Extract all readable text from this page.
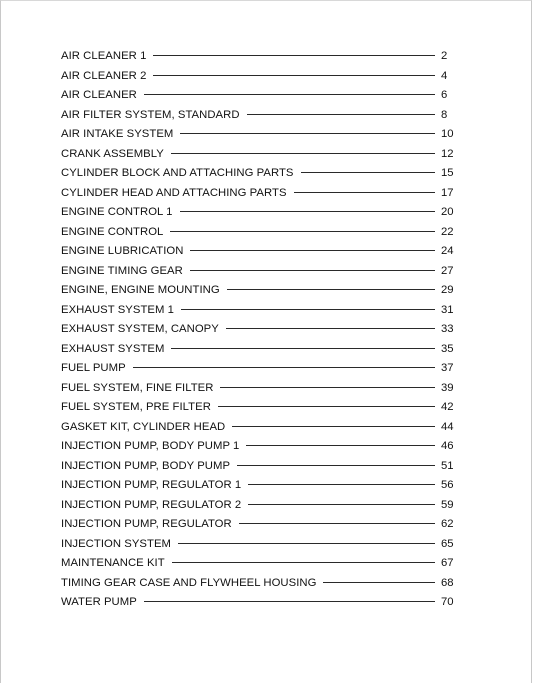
AIR CLEANER 1	2
AIR CLEANER 2	4
AIR CLEANER	6
AIR FILTER SYSTEM, STANDARD	8
AIR INTAKE SYSTEM	10
CRANK ASSEMBLY	12
CYLINDER BLOCK AND ATTACHING PARTS	15
CYLINDER HEAD AND ATTACHING PARTS	17
ENGINE CONTROL 1	20
ENGINE CONTROL	22
ENGINE LUBRICATION	24
ENGINE TIMING GEAR	27
ENGINE, ENGINE MOUNTING	29
EXHAUST SYSTEM 1	31
EXHAUST SYSTEM, CANOPY	33
EXHAUST SYSTEM	35
FUEL PUMP	37
FUEL SYSTEM, FINE FILTER	39
FUEL SYSTEM, PRE FILTER	42
GASKET KIT, CYLINDER HEAD	44
INJECTION PUMP, BODY PUMP 1	46
INJECTION PUMP, BODY PUMP	51
INJECTION PUMP, REGULATOR 1	56
INJECTION PUMP, REGULATOR 2	59
INJECTION PUMP, REGULATOR	62
INJECTION SYSTEM	65
MAINTENANCE KIT	67
TIMING GEAR CASE AND FLYWHEEL HOUSING	68
WATER PUMP	70
